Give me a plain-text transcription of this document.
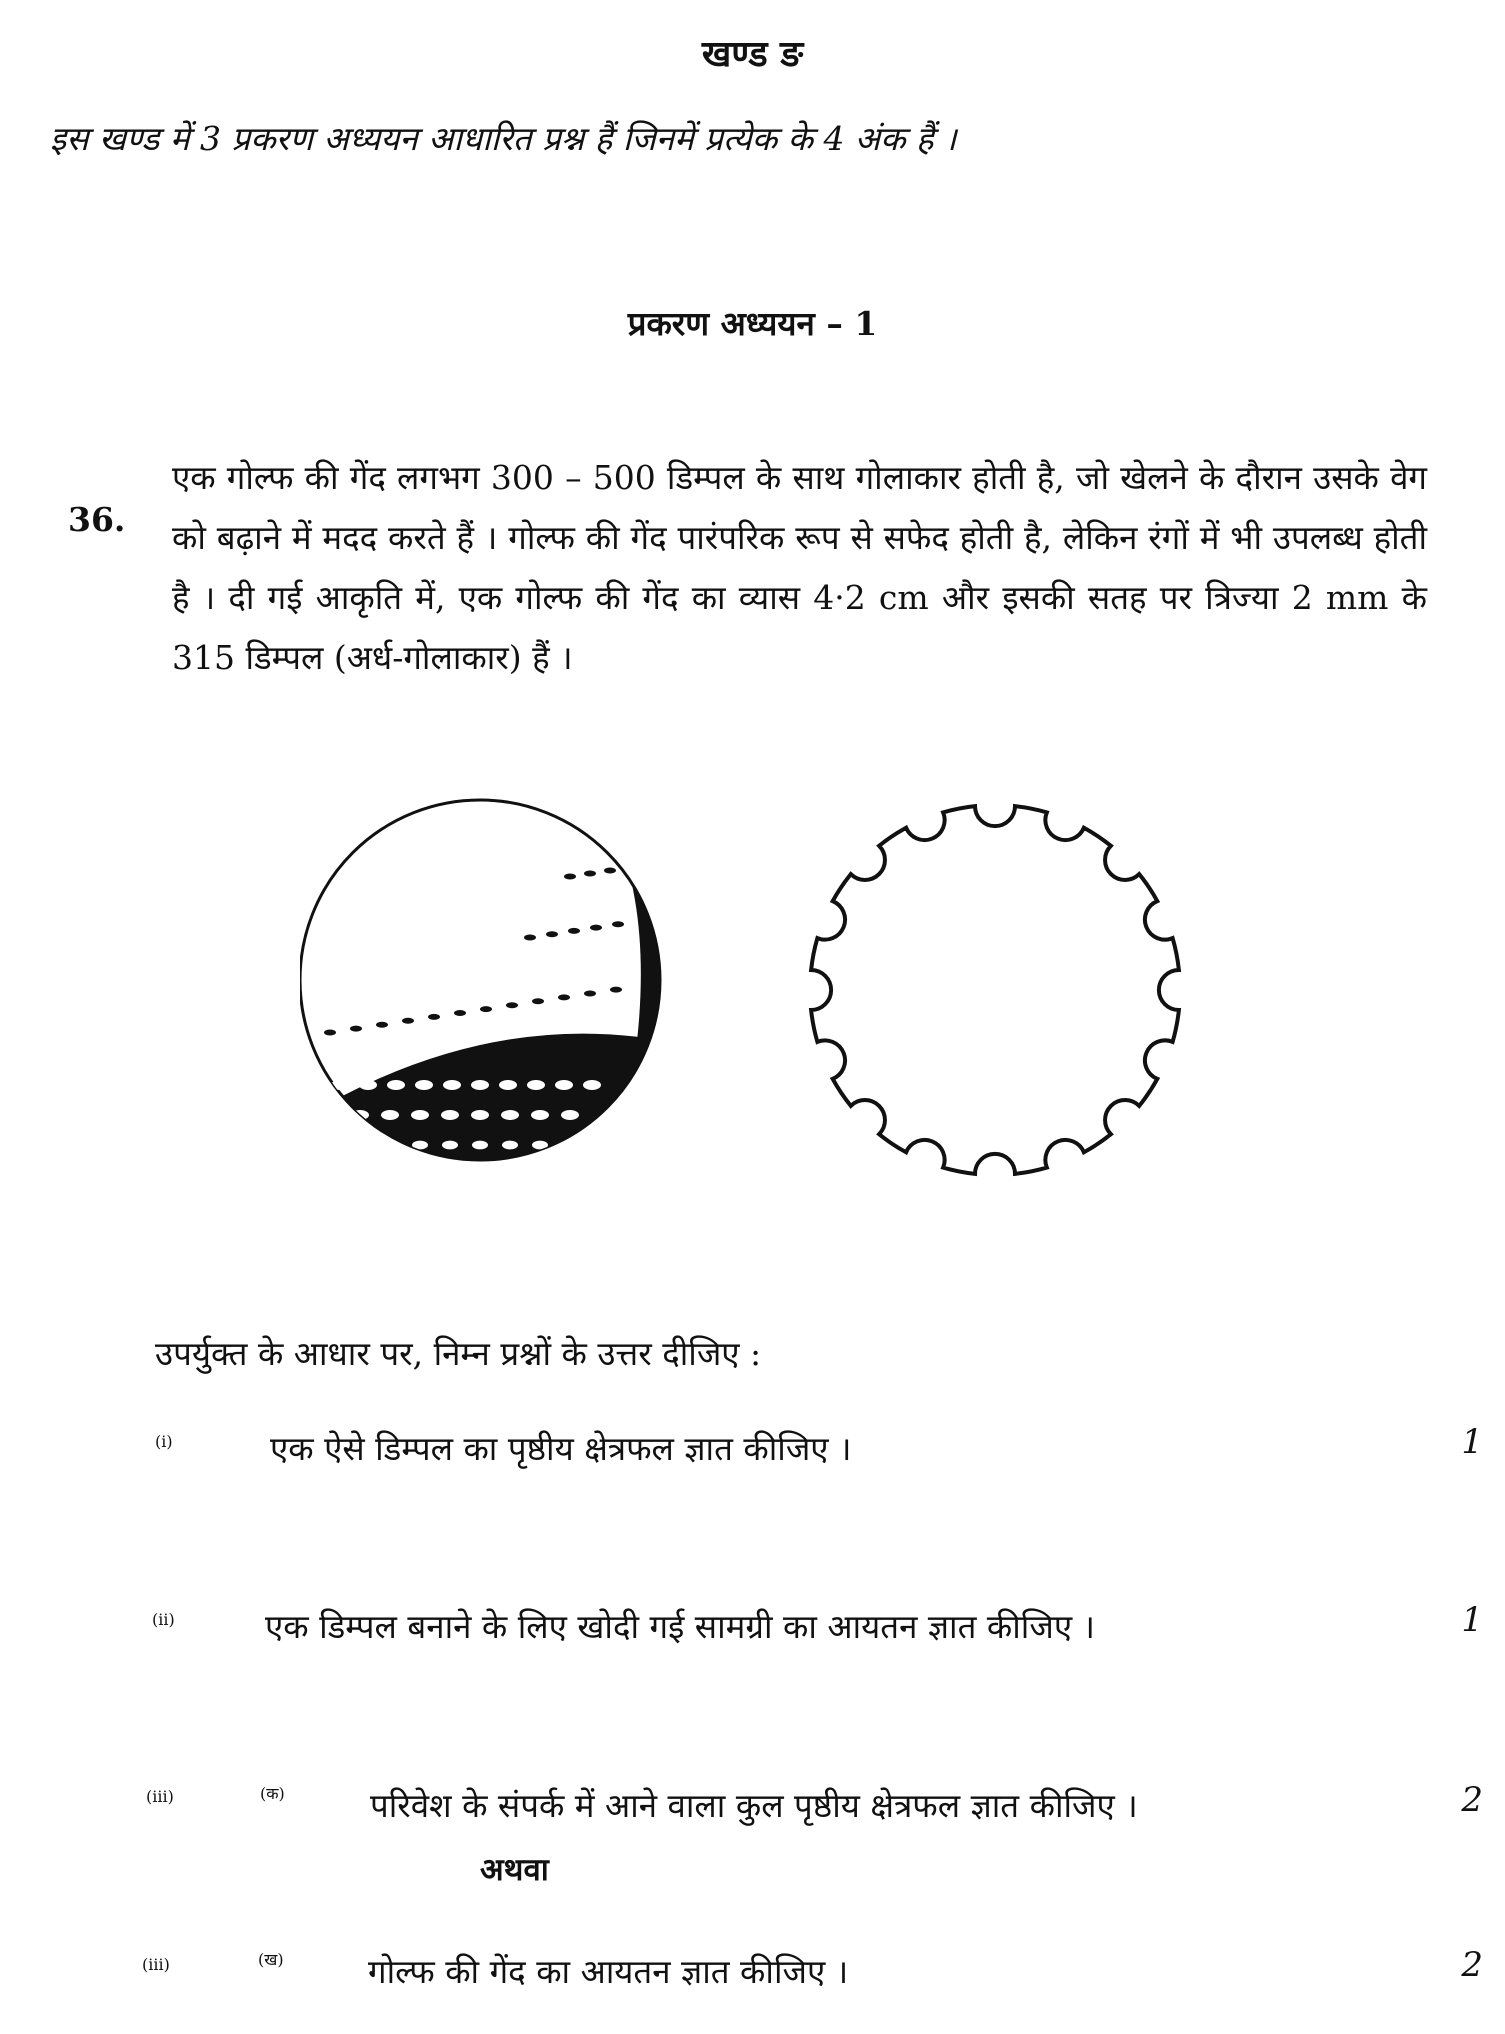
खण्ड ङ
इस खण्ड में 3 प्रकरण अध्ययन आधारित प्रश्न हैं जिनमें प्रत्येक के 4 अंक हैं ।
प्रकरण अध्ययन – 1
36.
एक गोल्फ की गेंद लगभग 300 – 500 डिम्पल के साथ गोलाकार होती है, जो खेलने के दौरान उसके वेग को बढ़ाने में मदद करते हैं । गोल्फ की गेंद पारंपरिक रूप से सफेद होती है, लेकिन रंगों में भी उपलब्ध होती है । दी गई आकृति में, एक गोल्फ की गेंद का व्यास 4·2 cm और इसकी सतह पर त्रिज्या 2 mm के 315 डिम्पल (अर्ध-गोलाकार) हैं ।
उपर्युक्त के आधार पर, निम्न प्रश्नों के उत्तर दीजिए :
(i)	एक ऐसे डिम्पल का पृष्ठीय क्षेत्रफल ज्ञात कीजिए ।	1
(ii)	एक डिम्पल बनाने के लिए खोदी गई सामग्री का आयतन ज्ञात कीजिए ।	1
(iii)	(क)	परिवेश के संपर्क में आने वाला कुल पृष्ठीय क्षेत्रफल ज्ञात कीजिए ।	2
अथवा
(iii)	(ख)	गोल्फ की गेंद का आयतन ज्ञात कीजिए ।	2
